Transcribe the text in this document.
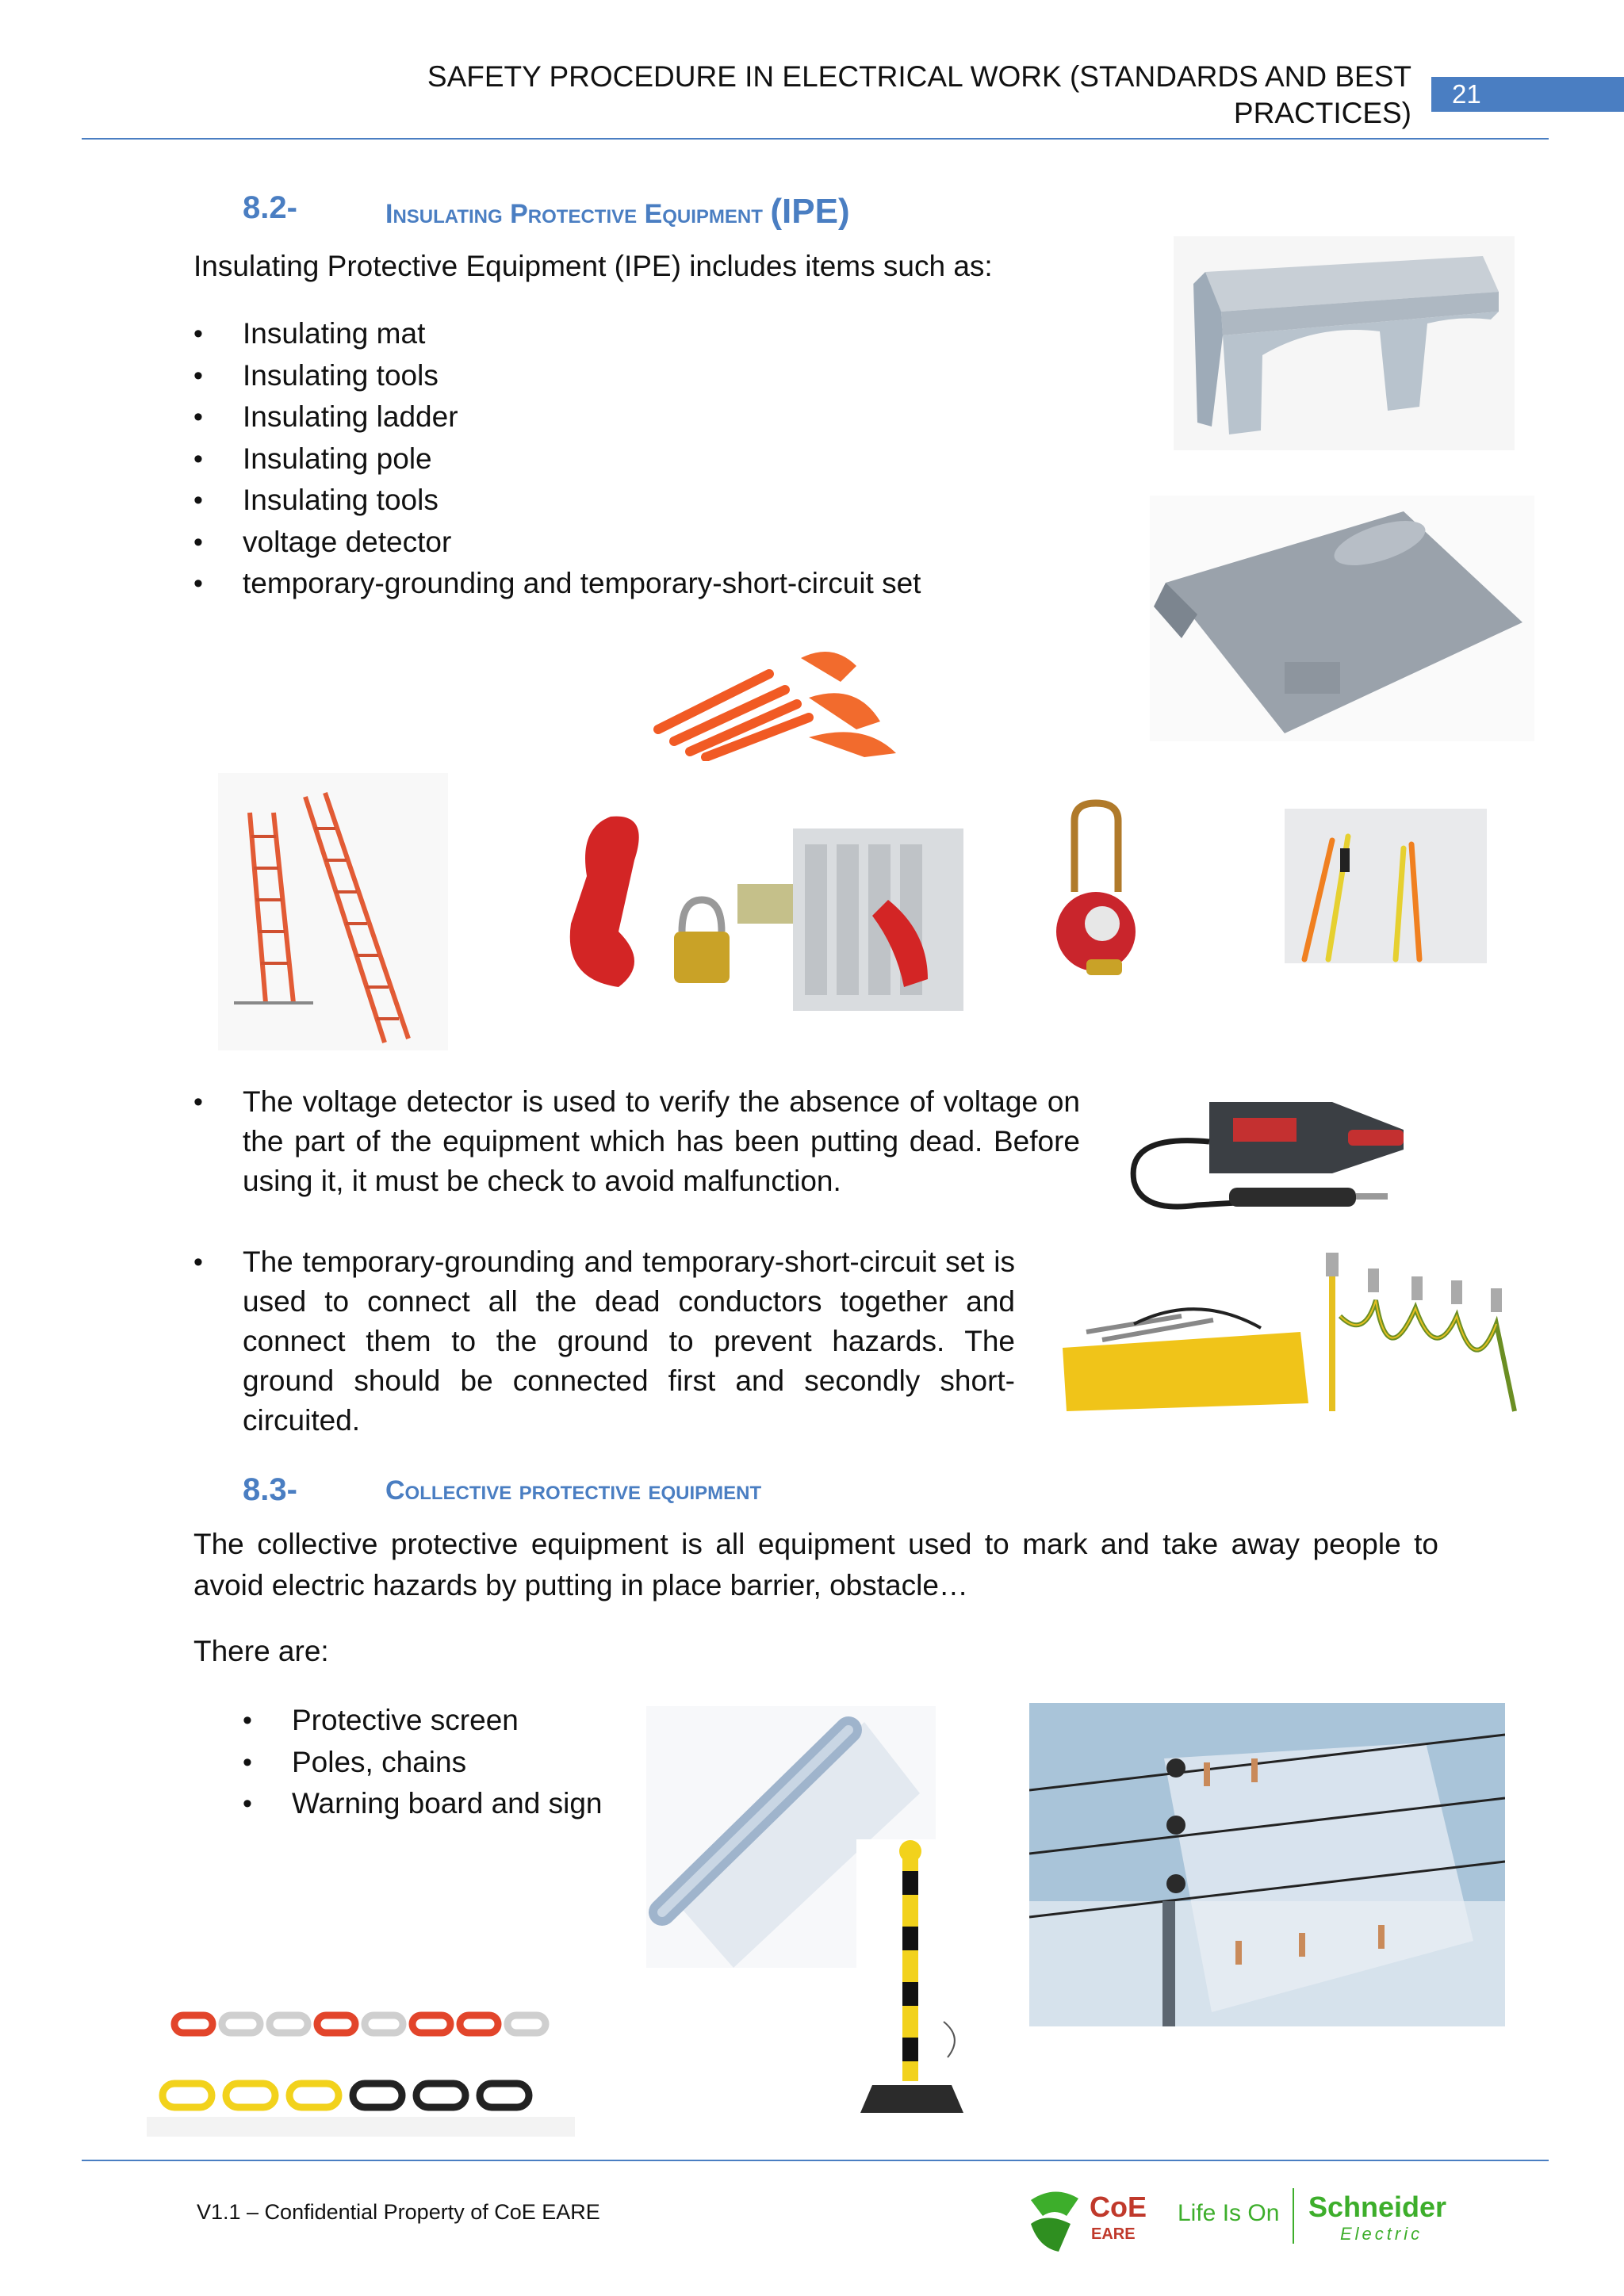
SAFETY PROCEDURE IN ELECTRICAL WORK (STANDARDS AND BEST
PRACTICES)
21
8.2-	Insulating Protective Equipment (IPE)
Insulating Protective Equipment (IPE) includes items such as:
• Insulating mat
• Insulating tools
• Insulating ladder
• Insulating pole
• Insulating tools
• voltage detector
• temporary-grounding and temporary-short-circuit set
• The voltage detector is used to verify the absence of voltage on the part of the equipment which has been putting dead. Before using it, it must be check to avoid malfunction.
• The temporary-grounding and temporary-short-circuit set is used to connect all the dead conductors together and connect them to the ground to prevent hazards. The ground should be connected first and secondly short-circuited.
8.3-	Collective protective equipment
The collective protective equipment is all equipment used to mark and take away people to avoid electric hazards by putting in place barrier, obstacle…
There are:
• Protective screen
• Poles, chains
• Warning board and sign
V1.1 – Confidential Property of CoE EARE	CoE
EARE
Life Is On Schneider
Electric
